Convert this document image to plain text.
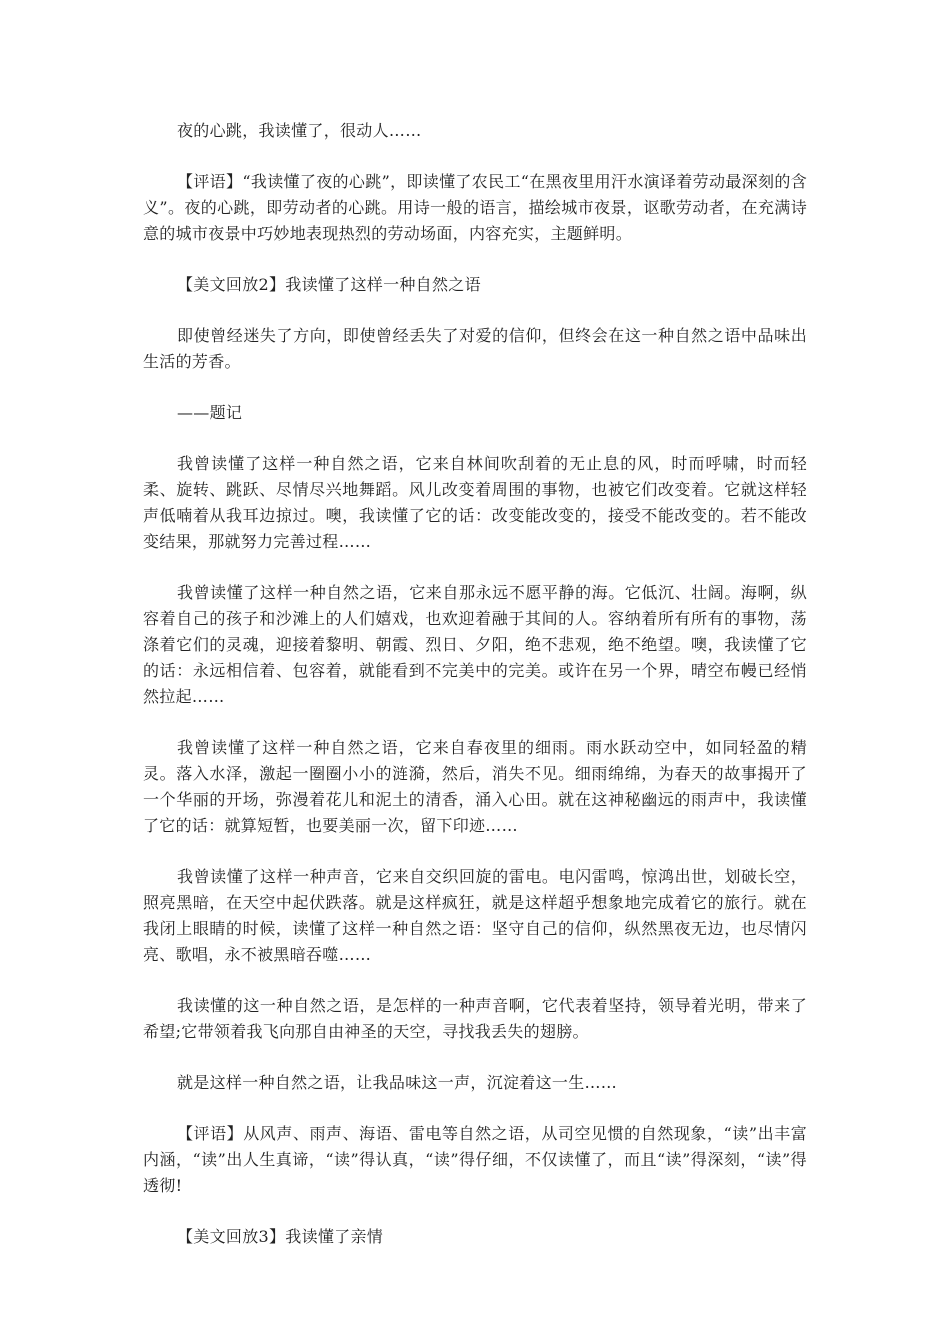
夜的心跳，我读懂了，很动人……

【评语】“我读懂了夜的心跳”，即读懂了农民工“在黑夜里用汗水演译着劳动最深刻的含义”。夜的心跳，即劳动者的心跳。用诗一般的语言，描绘城市夜景，讴歌劳动者，在充满诗意的城市夜景中巧妙地表现热烈的劳动场面，内容充实，主题鲜明。

【美文回放2】我读懂了这样一种自然之语

即使曾经迷失了方向，即使曾经丢失了对爱的信仰，但终会在这一种自然之语中品味出生活的芳香。

——题记

我曾读懂了这样一种自然之语，它来自林间吹刮着的无止息的风，时而呼啸，时而轻柔、旋转、跳跃、尽情尽兴地舞蹈。风儿改变着周围的事物，也被它们改变着。它就这样轻声低喃着从我耳边掠过。噢，我读懂了它的话：改变能改变的，接受不能改变的。若不能改变结果，那就努力完善过程……

我曾读懂了这样一种自然之语，它来自那永远不愿平静的海。它低沉、壮阔。海啊，纵容着自己的孩子和沙滩上的人们嬉戏，也欢迎着融于其间的人。容纳着所有所有的事物，荡涤着它们的灵魂，迎接着黎明、朝霞、烈日、夕阳，绝不悲观，绝不绝望。噢，我读懂了它的话：永远相信着、包容着，就能看到不完美中的完美。或许在另一个界，晴空布幔已经悄然拉起……

我曾读懂了这样一种自然之语，它来自春夜里的细雨。雨水跃动空中，如同轻盈的精灵。落入水泽，激起一圈圈小小的涟漪，然后，消失不见。细雨绵绵，为春天的故事揭开了一个华丽的开场，弥漫着花儿和泥土的清香，涌入心田。就在这神秘幽远的雨声中，我读懂了它的话：就算短暂，也要美丽一次，留下印迹……

我曾读懂了这样一种声音，它来自交织回旋的雷电。电闪雷鸣，惊鸿出世，划破长空，照亮黑暗，在天空中起伏跌落。就是这样疯狂，就是这样超乎想象地完成着它的旅行。就在我闭上眼睛的时候，读懂了这样一种自然之语：坚守自己的信仰，纵然黑夜无边，也尽情闪亮、歌唱，永不被黑暗吞噬……

我读懂的这一种自然之语，是怎样的一种声音啊，它代表着坚持，领导着光明，带来了希望;它带领着我飞向那自由神圣的天空，寻找我丢失的翅膀。

就是这样一种自然之语，让我品味这一声，沉淀着这一生……

【评语】从风声、雨声、海语、雷电等自然之语，从司空见惯的自然现象，“读”出丰富内涵，“读”出人生真谛，“读”得认真，“读”得仔细，不仅读懂了，而且“读”得深刻，“读”得透彻!

【美文回放3】我读懂了亲情
